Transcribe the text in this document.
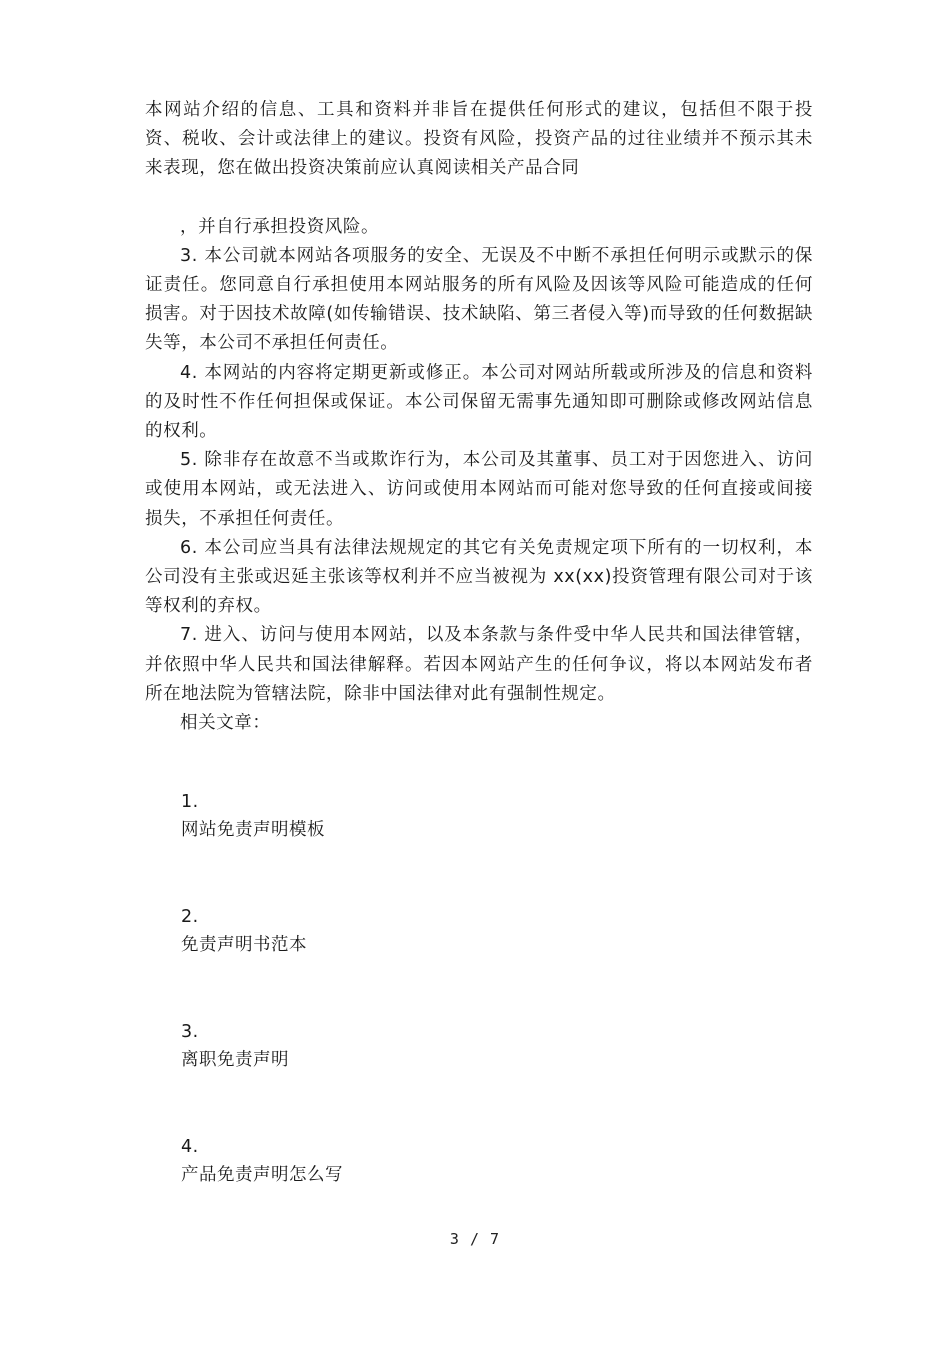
本网站介绍的信息、工具和资料并非旨在提供任何形式的建议，包括但不限于投资、税收、会计或法律上的建议。投资有风险，投资产品的过往业绩并不预示其未来表现，您在做出投资决策前应认真阅读相关产品合同

，并自行承担投资风险。

3. 本公司就本网站各项服务的安全、无误及不中断不承担任何明示或默示的保证责任。您同意自行承担使用本网站服务的所有风险及因该等风险可能造成的任何损害。对于因技术故障(如传输错误、技术缺陷、第三者侵入等)而导致的任何数据缺失等，本公司不承担任何责任。

4. 本网站的内容将定期更新或修正。本公司对网站所载或所涉及的信息和资料的及时性不作任何担保或保证。本公司保留无需事先通知即可删除或修改网站信息的权利。

5. 除非存在故意不当或欺诈行为，本公司及其董事、员工对于因您进入、访问或使用本网站，或无法进入、访问或使用本网站而可能对您导致的任何直接或间接损失，不承担任何责任。

6. 本公司应当具有法律法规规定的其它有关免责规定项下所有的一切权利，本公司没有主张或迟延主张该等权利并不应当被视为 xx(xx)投资管理有限公司对于该等权利的弃权。

7. 进入、访问与使用本网站，以及本条款与条件受中华人民共和国法律管辖，并依照中华人民共和国法律解释。若因本网站产生的任何争议，将以本网站发布者所在地法院为管辖法院，除非中国法律对此有强制性规定。

相关文章：

1.
网站免责声明模板
2.
免责声明书范本
3.
离职免责声明
4.
产品免责声明怎么写
3 / 7
